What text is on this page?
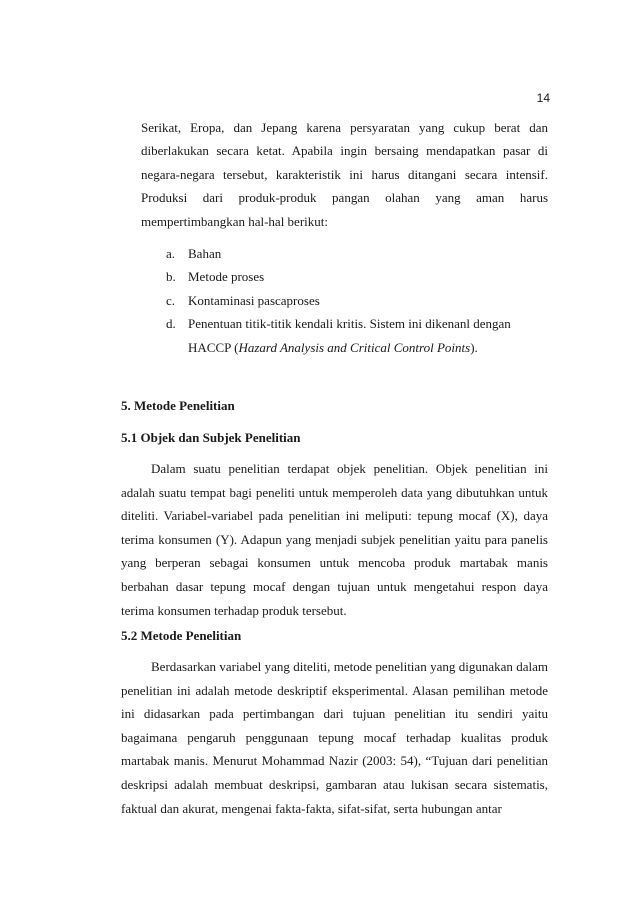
14

Serikat, Eropa, dan Jepang karena persyaratan yang cukup berat dan diberlakukan secara ketat. Apabila ingin bersaing mendapatkan pasar di negara-negara tersebut, karakteristik ini harus ditangani secara intensif. Produksi dari produk-produk pangan olahan yang aman harus mempertimbangkan hal-hal berikut:

a. Bahan
b. Metode proses
c. Kontaminasi pascaproses
d. Penentuan titik-titik kendali kritis. Sistem ini dikenanl dengan
HACCP (Hazard Analysis and Critical Control Points).
5. Metode Penelitian
5.1 Objek dan Subjek Penelitian

Dalam suatu penelitian terdapat objek penelitian. Objek penelitian ini adalah suatu tempat bagi peneliti untuk memperoleh data yang dibutuhkan untuk diteliti. Variabel-variabel pada penelitian ini meliputi: tepung mocaf (X), daya terima konsumen (Y). Adapun yang menjadi subjek penelitian yaitu para panelis yang berperan sebagai konsumen untuk mencoba produk martabak manis berbahan dasar tepung mocaf dengan tujuan untuk mengetahui respon daya terima konsumen terhadap produk tersebut.

5.2 Metode Penelitian

Berdasarkan variabel yang diteliti, metode penelitian yang digunakan dalam penelitian ini adalah metode deskriptif eksperimental. Alasan pemilihan metode ini didasarkan pada pertimbangan dari tujuan penelitian itu sendiri yaitu bagaimana pengaruh penggunaan tepung mocaf terhadap kualitas produk martabak manis. Menurut Mohammad Nazir (2003: 54), “Tujuan dari penelitian deskripsi adalah membuat deskripsi, gambaran atau lukisan secara sistematis, faktual dan akurat, mengenai fakta-fakta, sifat-sifat, serta hubungan antar
